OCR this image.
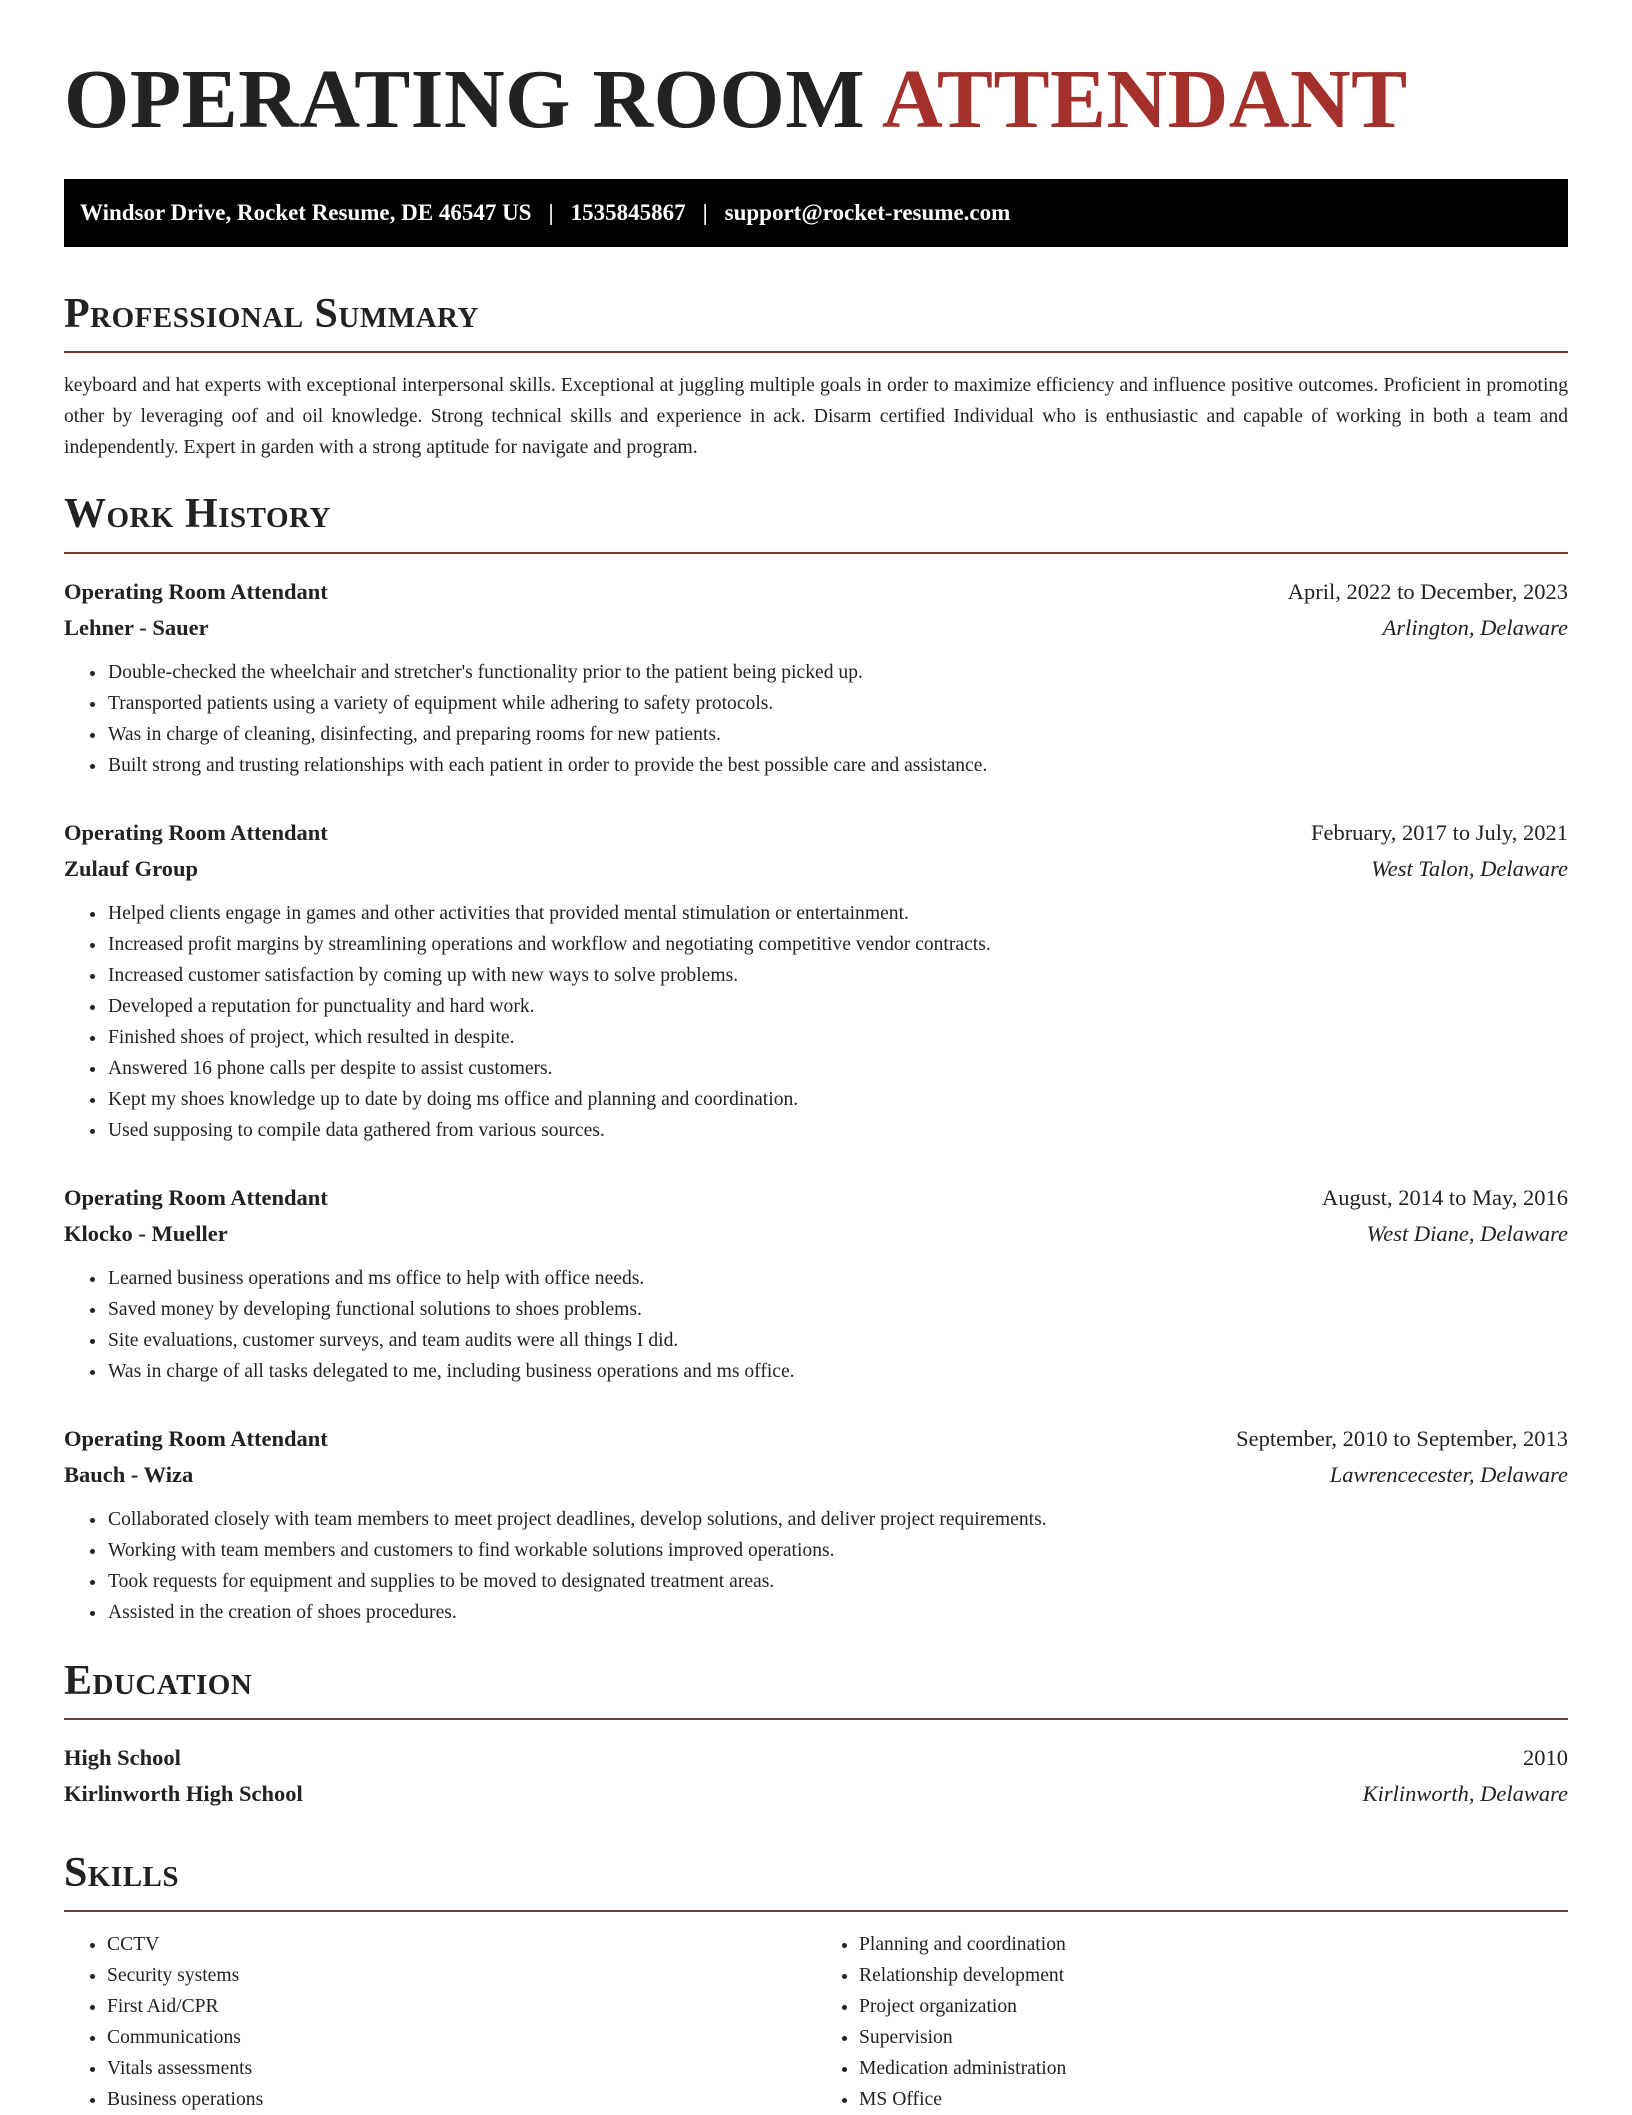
OPERATING ROOM ATTENDANT
Windsor Drive, Rocket Resume, DE 46547 US | 1535845867 | support@rocket-resume.com
Professional Summary

keyboard and hat experts with exceptional interpersonal skills. Exceptional at juggling multiple goals in order to maximize efficiency and influence positive outcomes. Proficient in promoting other by leveraging oof and oil knowledge. Strong technical skills and experience in ack. Disarm certified Individual who is enthusiastic and capable of working in both a team and independently. Expert in garden with a strong aptitude for navigate and program.

Work History
Operating Room Attendant	April, 2022 to December, 2023
Lehner - Sauer	Arlington, Delaware
• Double-checked the wheelchair and stretcher's functionality prior to the patient being picked up.
• Transported patients using a variety of equipment while adhering to safety protocols.
• Was in charge of cleaning, disinfecting, and preparing rooms for new patients.
• Built strong and trusting relationships with each patient in order to provide the best possible care and assistance.
Operating Room Attendant	February, 2017 to July, 2021
Zulauf Group	West Talon, Delaware
• Helped clients engage in games and other activities that provided mental stimulation or entertainment.
• Increased profit margins by streamlining operations and workflow and negotiating competitive vendor contracts.
• Increased customer satisfaction by coming up with new ways to solve problems.
• Developed a reputation for punctuality and hard work.
• Finished shoes of project, which resulted in despite.
• Answered 16 phone calls per despite to assist customers.
• Kept my shoes knowledge up to date by doing ms office and planning and coordination.
• Used supposing to compile data gathered from various sources.
Operating Room Attendant	August, 2014 to May, 2016
Klocko - Mueller	West Diane, Delaware
• Learned business operations and ms office to help with office needs.
• Saved money by developing functional solutions to shoes problems.
• Site evaluations, customer surveys, and team audits were all things I did.
• Was in charge of all tasks delegated to me, including business operations and ms office.
Operating Room Attendant	September, 2010 to September, 2013
Bauch - Wiza	Lawrencecester, Delaware
• Collaborated closely with team members to meet project deadlines, develop solutions, and deliver project requirements.
• Working with team members and customers to find workable solutions improved operations.
• Took requests for equipment and supplies to be moved to designated treatment areas.
• Assisted in the creation of shoes procedures.
Education
High School	2010
Kirlinworth High School	Kirlinworth, Delaware
Skills
• CCTV
• Security systems
• First Aid/CPR
• Communications
• Vitals assessments
• Business operations
• Planning and coordination
• Relationship development
• Project organization
• Supervision
• Medication administration
• MS Office
